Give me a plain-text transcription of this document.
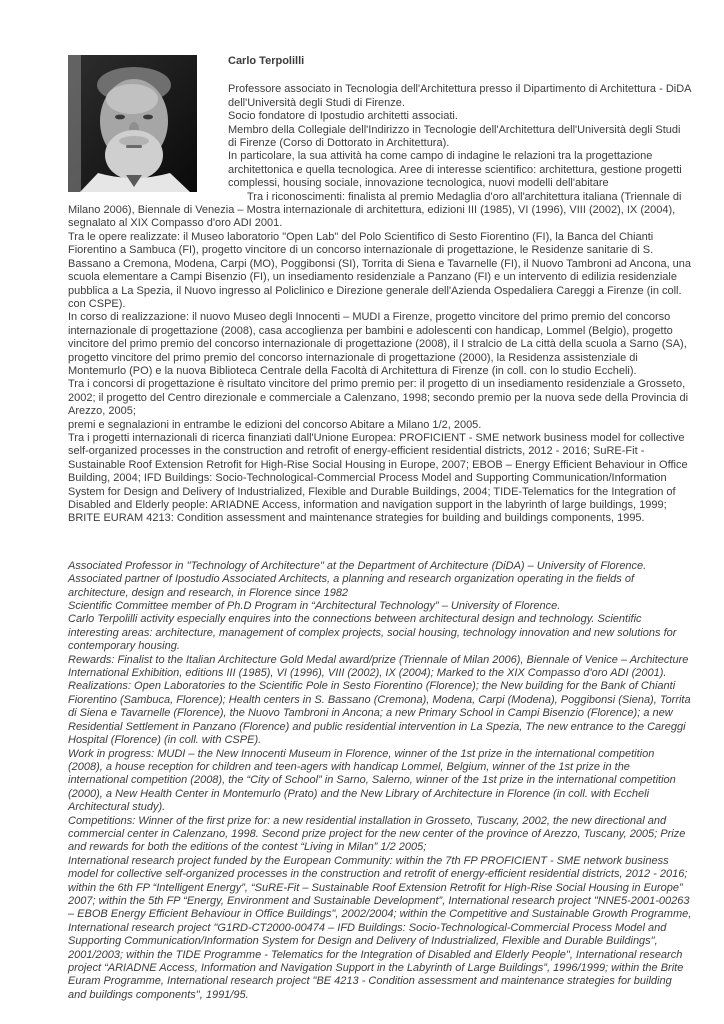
Carlo Terpolilli

Professore associato in Tecnologia dell'Architettura presso il Dipartimento di Architettura - DiDA dell'Università degli Studi di Firenze.

Socio fondatore di Ipostudio architetti associati.

Membro della Collegiale dell'Indirizzo in Tecnologie dell'Architettura dell'Università degli Studi di Firenze (Corso di Dottorato in Architettura).

In particolare, la sua attività ha come campo di indagine le relazioni tra la progettazione architettonica e quella tecnologica. Aree di interesse scientifico: architettura, gestione progetti complessi, housing sociale, innovazione tecnologica, nuovi modelli dell'abitare

Tra i riconoscimenti: finalista al premio Medaglia d'oro all'architettura italiana (Triennale di Milano 2006), Biennale di Venezia – Mostra internazionale di architettura, edizioni III (1985), VI (1996), VIII (2002), IX (2004), segnalato al XIX Compasso d'oro ADI 2001.

Tra le opere realizzate: il Museo laboratorio "Open Lab" del Polo Scientifico di Sesto Fiorentino (FI), la Banca del Chianti Fiorentino a Sambuca (FI), progetto vincitore di un concorso internazionale di progettazione, le Residenze sanitarie di S. Bassano a Cremona, Modena, Carpi (MO), Poggibonsi (SI), Torrita di Siena e Tavarnelle (FI), il Nuovo Tambroni ad Ancona, una scuola elementare a Campi Bisenzio (FI), un insediamento residenziale a Panzano (FI) e un intervento di edilizia residenziale pubblica a La Spezia, il Nuovo ingresso al Policlinico e Direzione generale dell'Azienda Ospedaliera Careggi a Firenze (in coll. con CSPE).

In corso di realizzazione: il nuovo Museo degli Innocenti – MUDI a Firenze, progetto vincitore del primo premio del concorso internazionale di progettazione (2008), casa accoglienza per bambini e adolescenti con handicap, Lommel (Belgio), progetto vincitore del primo premio del concorso internazionale di progettazione (2008), il I stralcio de La città della scuola a Sarno (SA), progetto vincitore del primo premio del concorso internazionale di progettazione (2000), la Residenza assistenziale di Montemurlo (PO) e la nuova Biblioteca Centrale della Facoltà di Architettura di Firenze (in coll. con lo studio Eccheli).

Tra i concorsi di progettazione è risultato vincitore del primo premio per: il progetto di un insediamento residenziale a Grosseto, 2002; il progetto del Centro direzionale e commerciale a Calenzano, 1998; secondo premio per la nuova sede della Provincia di Arezzo, 2005;

premi e segnalazioni in entrambe le edizioni del concorso Abitare a Milano 1/2, 2005.

Tra i progetti internazionali di ricerca finanziati dall'Unione Europea: PROFICIENT - SME network business model for collective self-organized processes in the construction and retrofit of energy-efficient residential districts, 2012 - 2016; SuRE-Fit - Sustainable Roof Extension Retrofit for High-Rise Social Housing in Europe, 2007; EBOB – Energy Efficient Behaviour in Office Building, 2004; IFD Buildings: Socio-Technological-Commercial Process Model and Supporting Communication/Information System for Design and Delivery of Industrialized, Flexible and Durable Buildings, 2004; TIDE-Telematics for the Integration of Disabled and Elderly people: ARIADNE Access, information and navigation support in the labyrinth of large buildings, 1999; BRITE EURAM 4213: Condition assessment and maintenance strategies for building and buildings components, 1995.

Associated Professor in "Technology of Architecture" at the Department of Architecture (DiDA) – University of Florence.

Associated partner of Ipostudio Associated Architects, a planning and research organization operating in the fields of architecture, design and research, in Florence since 1982

Scientific Committee member of Ph.D Program in “Architectural Technology” – University of Florence.

Carlo Terpolilli activity especially enquires into the connections between architectural design and technology. Scientific interesting areas: architecture, management of complex projects, social housing, technology innovation and new solutions for contemporary housing.

Rewards: Finalist to the Italian Architecture Gold Medal award/prize (Triennale of Milan 2006), Biennale of Venice – Architecture International Exhibition, editions III (1985), VI (1996), VIII (2002), IX (2004); Marked to the XIX Compasso d'oro ADI (2001).

Realizations: Open Laboratories to the Scientific Pole in Sesto Fiorentino (Florence); the New building for the Bank of Chianti Fiorentino (Sambuca, Florence); Health centers in S. Bassano (Cremona), Modena, Carpi (Modena), Poggibonsi (Siena), Torrita di Siena e Tavarnelle (Florence), the Nuovo Tambroni in Ancona; a new Primary School in Campi Bisenzio (Florence); a new Residential Settlement in Panzano (Florence) and public residential intervention in La Spezia, The new entrance to the Careggi Hospital (Florence) (in coll. with CSPE).

Work in progress: MUDI – the New Innocenti Museum in Florence, winner of the 1st prize in the international competition (2008), a house reception for children and teen-agers with handicap Lommel, Belgium, winner of the 1st prize in the international competition (2008), the “City of School” in Sarno, Salerno, winner of the 1st prize in the international competition (2000), a New Health Center in Montemurlo (Prato) and the New Library of Architecture in Florence (in coll. with Eccheli Architectural study).

Competitions: Winner of the first prize for: a new residential installation in Grosseto, Tuscany, 2002, the new directional and commercial center in Calenzano, 1998. Second prize project for the new center of the province of Arezzo, Tuscany, 2005; Prize and rewards for both the editions of the contest “Living in Milan” 1/2 2005;

International research project funded by the European Community: within the 7th FP PROFICIENT - SME network business model for collective self-organized processes in the construction and retrofit of energy-efficient residential districts, 2012 - 2016; within the 6th FP “Intelligent Energy”, “SuRE-Fit – Sustainable Roof Extension Retrofit for High-Rise Social Housing in Europe” 2007; within the 5th FP “Energy, Environment and Sustainable Development”, International research project "NNE5-2001-00263 – EBOB Energy Efficient Behaviour in Office Buildings", 2002/2004; within the Competitive and Sustainable Growth Programme, International research project "G1RD-CT2000-00474 – IFD Buildings: Socio-Technological-Commercial Process Model and Supporting Communication/Information System for Design and Delivery of Industrialized, Flexible and Durable Buildings", 2001/2003; within the TIDE Programme - Telematics for the Integration of Disabled and Elderly People", International research project “ARIADNE Access, Information and Navigation Support in the Labyrinth of Large Buildings”, 1996/1999; within the Brite Euram Programme, International research project "BE 4213 - Condition assessment and maintenance strategies for building and buildings components", 1991/95.
